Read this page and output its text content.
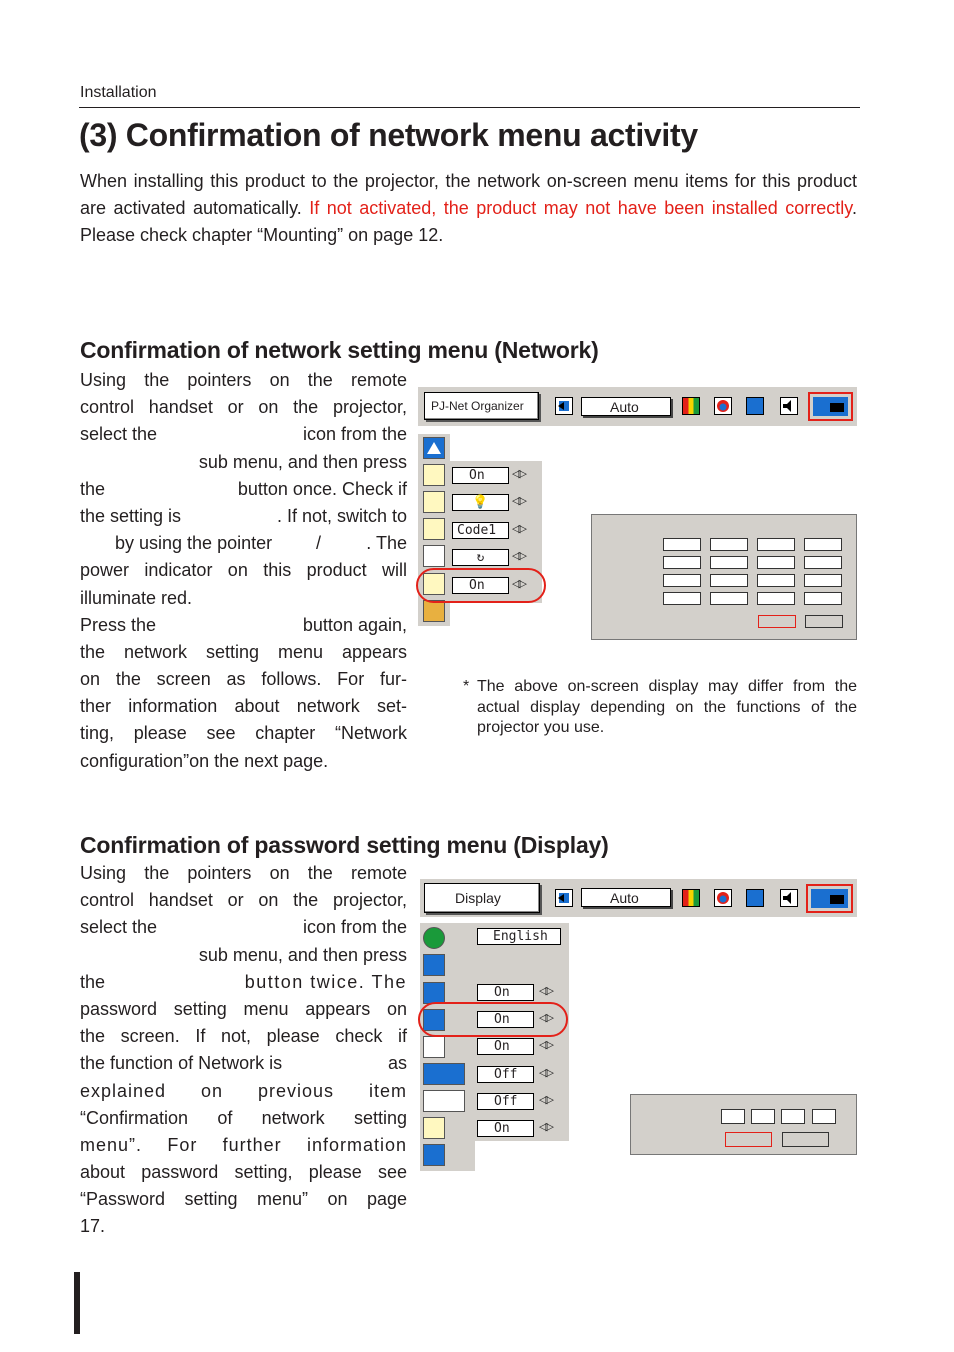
Installation
(3) Confirmation of network menu activity
When installing this product to the projector, the network on-screen menu items for this product are activated automatically. If not activated, the product may not have been installed correctly. Please check chapter “Mounting” on page 12.
Confirmation of network setting menu (Network)
Using the pointers on the remote
control handset or on the projector,
select the	icon from the
sub menu, and then press
the	button once. Check if
the setting is	. If not, switch to
by using the pointer /	. The
power indicator on this product will
illuminate red.
Press the	button again,
the network setting menu appears
on the screen as follows. For fur-
ther information about network set-
ting, please see chapter “Network
configuration”on the next page.
PJ-Net Organizer	Auto
On	◁▷
💡 ◁▷
Code1	◁▷
↻	◁▷
On	◁▷
* The above on-screen display may differ from the actual display depending on the functions of the projector you use.
Confirmation of password setting menu (Display)
Using the pointers on the remote
control handset or on the projector,
select the	icon from the
sub menu, and then press
the	button twice. The
password setting menu appears on
the screen. If not, please check if
the function of Network is	as
explained on previous item
“Confirmation of network setting
menu”. For further information
about password setting, please see
“Password setting menu” on page
17.
Display	Auto
English
On	◁▷
On	◁▷
On	◁▷
Off	◁▷
Off	◁▷
On	◁▷
